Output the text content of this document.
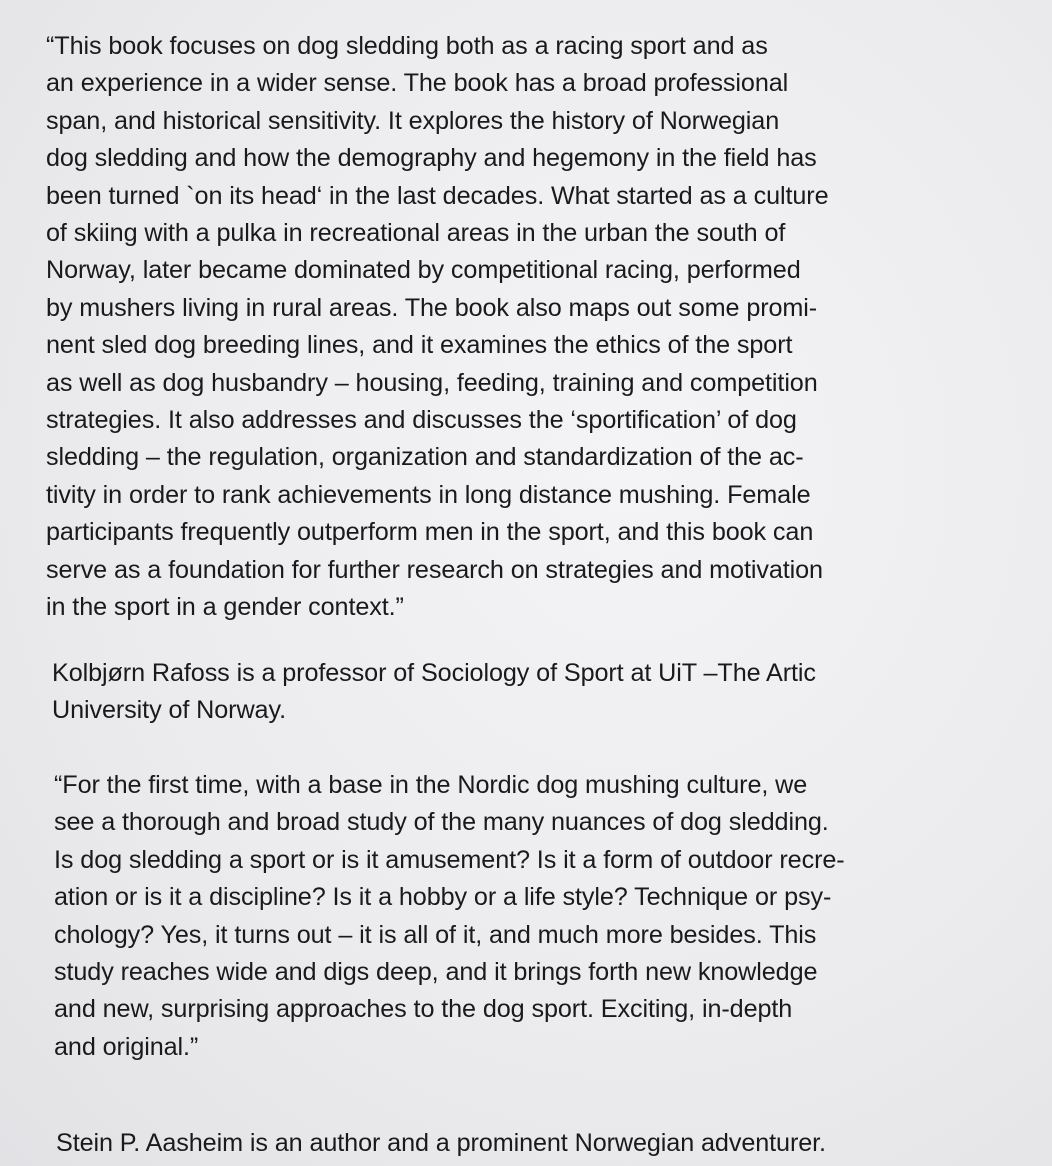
“This book focuses on dog sledding both as a racing sport and as
an experience in a wider sense. The book has a broad professional
span, and historical sensitivity. It explores the history of Norwegian
dog sledding and how the demography and hegemony in the field has
been turned `on its head‘ in the last decades. What started as a culture
of skiing with a pulka in recreational areas in the urban the south of
Norway, later became dominated by competitional racing, performed
by mushers living in rural areas. The book also maps out some promi-
nent sled dog breeding lines, and it examines the ethics of the sport
as well as dog husbandry – housing, feeding, training and competition
strategies. It also addresses and discusses the ‘sportification’ of dog
sledding – the regulation, organization and standardization of the ac-
tivity in order to rank achievements in long distance mushing. Female
participants frequently outperform men in the sport, and this book can
serve as a foundation for further research on strategies and motivation
in the sport in a gender context.”

Kolbjørn Rafoss is a professor of Sociology of Sport at UiT –The Artic
University of Norway.

“For the first time, with a base in the Nordic dog mushing culture, we
see a thorough and broad study of the many nuances of dog sledding.
Is dog sledding a sport or is it amusement? Is it a form of outdoor recre-
ation or is it a discipline? Is it a hobby or a life style? Technique or psy-
chology? Yes, it turns out – it is all of it, and much more besides. This
study reaches wide and digs deep, and it brings forth new knowledge
and new, surprising approaches to the dog sport. Exciting, in-depth
and original.”

Stein P. Aasheim is an author and a prominent Norwegian adventurer.
